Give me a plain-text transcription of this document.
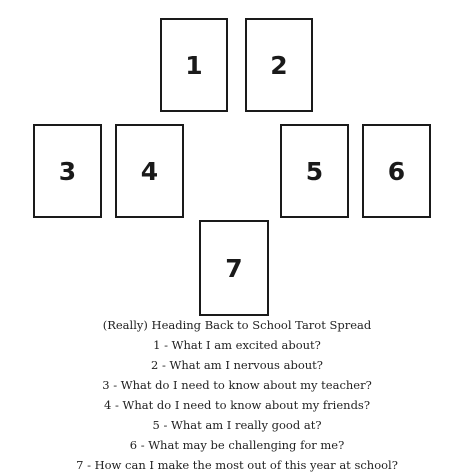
1	2
3	4	5	6
7
(Really) Heading Back to School Tarot Spread
1 - What I am excited about?
2 - What am I nervous about?
3 - What do I need to know about my teacher?
4 - What do I need to know about my friends?
5 - What am I really good at?
6 - What may be challenging for me?
7 - How can I make the most out of this year at school?
